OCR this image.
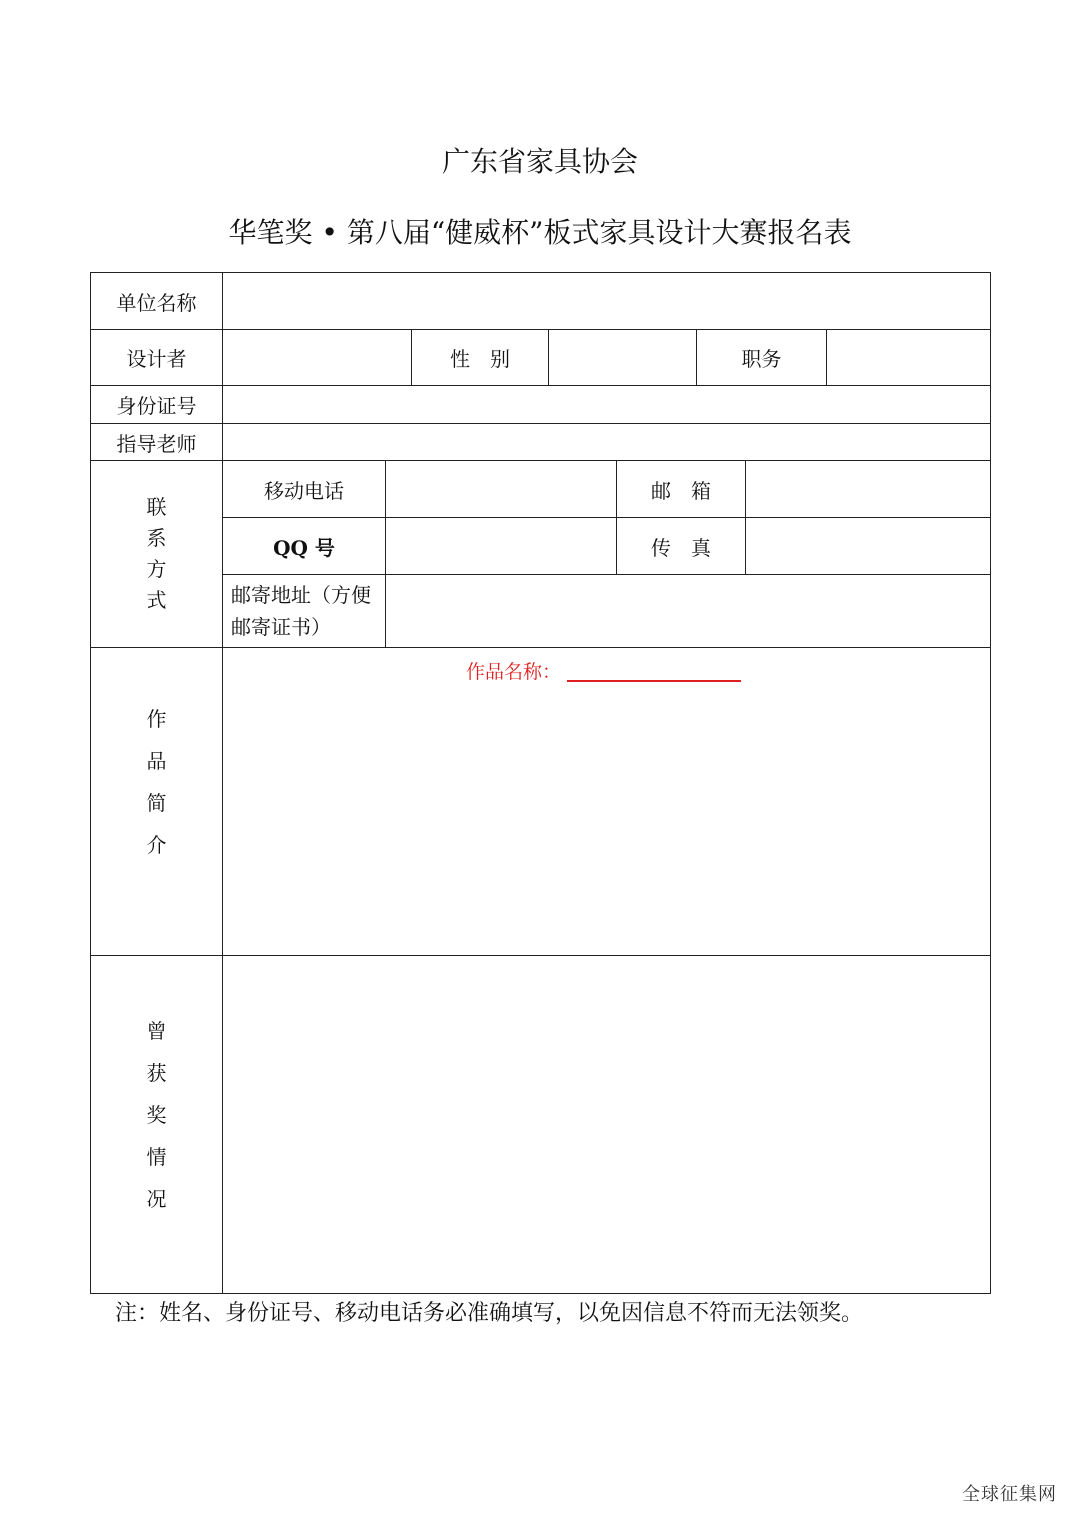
广东省家具协会
华笔奖 • 第八届“健威杯”板式家具设计大赛报名表
单位名称
设计者	性　别	职务
身份证号
指导老师
联
系
方
式
移动电话	邮　箱
QQ 号	传　真
邮寄地址（方便邮寄证书）
作
品
简
介
作品名称：
曾
获
奖
情
况
注：姓名、身份证号、移动电话务必准确填写，以免因信息不符而无法领奖。
全球征集网
